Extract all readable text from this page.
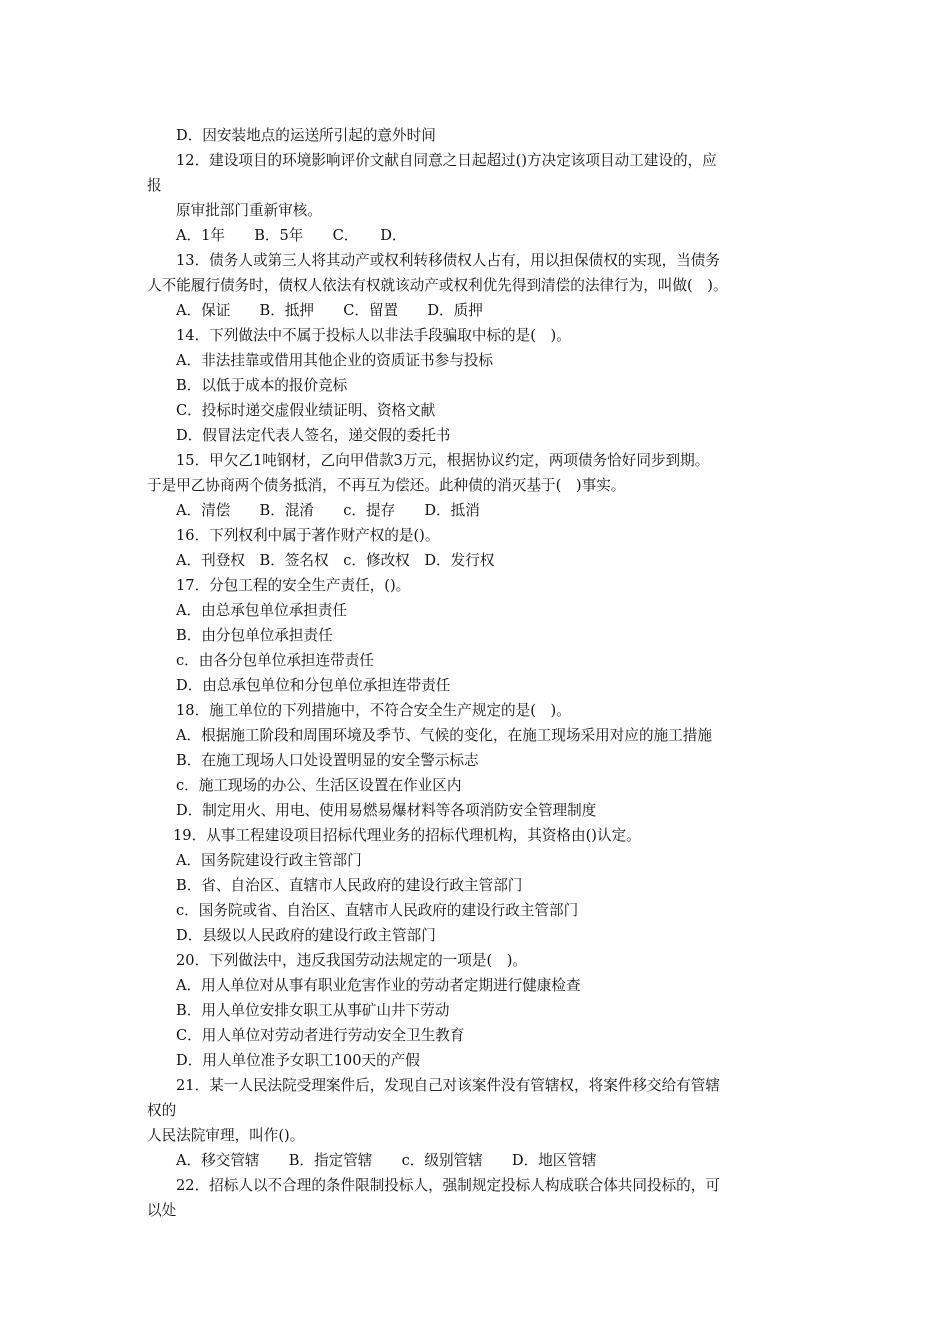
D．因安装地点的运送所引起的意外时间
12．建设项目的环境影响评价文献自同意之日起超过()方决定该项目动工建设的，应
报
原审批部门重新审核。
A．1年　　B．5年　　C．　　D．
13．债务人或第三人将其动产或权利转移债权人占有，用以担保债权的实现，当债务
人不能履行债务时，债权人依法有权就该动产或权利优先得到清偿的法律行为，叫做(　)。
A．保证　　B．抵押　　C．留置　　D．质押
14．下列做法中不属于投标人以非法手段骗取中标的是(　)。
A．非法挂靠或借用其他企业的资质证书参与投标
B．以低于成本的报价竞标
C．投标时递交虚假业绩证明、资格文献
D．假冒法定代表人签名，递交假的委托书
15．甲欠乙1吨钢材，乙向甲借款3万元，根据协议约定，两项债务恰好同步到期。
于是甲乙协商两个债务抵消，不再互为偿还。此种债的消灭基于(　)事实。
A．清偿　　B．混淆　　c．提存　　D．抵消
16．下列权利中属于著作财产权的是()。
A．刊登权　B．签名权　c．修改权　D．发行权
17．分包工程的安全生产责任，()。
A．由总承包单位承担责任
B．由分包单位承担责任
c．由各分包单位承担连带责任
D．由总承包单位和分包单位承担连带责任
18．施工单位的下列措施中，不符合安全生产规定的是(　)。
A．根据施工阶段和周围环境及季节、气候的变化，在施工现场采用对应的施工措施
B．在施工现场人口处设置明显的安全警示标志
c．施工现场的办公、生活区设置在作业区内
D．制定用火、用电、使用易燃易爆材料等各项消防安全管理制度
19．从事工程建设项目招标代理业务的招标代理机构，其资格由()认定。
A．国务院建设行政主管部门
B．省、自治区、直辖市人民政府的建设行政主管部门
c．国务院或省、自治区、直辖市人民政府的建设行政主管部门
D．县级以人民政府的建设行政主管部门
20．下列做法中，违反我国劳动法规定的一项是(　)。
A．用人单位对从事有职业危害作业的劳动者定期进行健康检查
B．用人单位安排女职工从事矿山井下劳动
C．用人单位对劳动者进行劳动安全卫生教育
D．用人单位准予女职工100天的产假
21．某一人民法院受理案件后，发现自己对该案件没有管辖权，将案件移交给有管辖
权的
人民法院审理，叫作()。
A．移交管辖　　B．指定管辖　　c．级别管辖　　D．地区管辖
22．招标人以不合理的条件限制投标人，强制规定投标人构成联合体共同投标的，可
以处
